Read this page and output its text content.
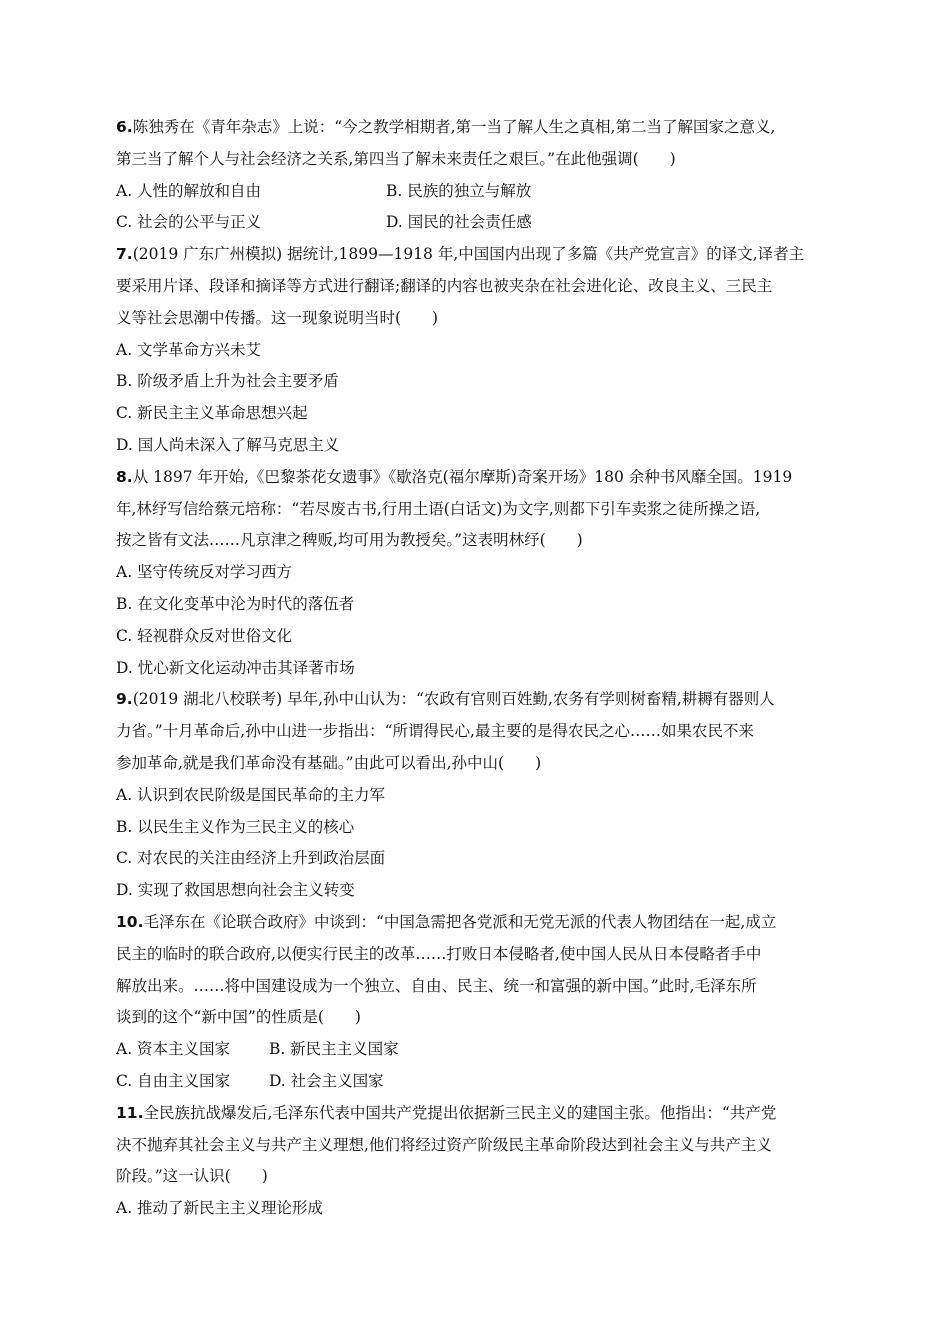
6.陈独秀在《青年杂志》上说：“今之教学相期者,第一当了解人生之真相,第二当了解国家之意义,
第三当了解个人与社会经济之关系,第四当了解未来责任之艰巨。”在此他强调(　　)
A. 人性的解放和自由	B. 民族的独立与解放
C. 社会的公平与正义	D. 国民的社会责任感
7.(2019 广东广州模拟) 据统计,1899—1918 年,中国国内出现了多篇《共产党宣言》的译文,译者主
要采用片译、段译和摘译等方式进行翻译;翻译的内容也被夹杂在社会进化论、改良主义、三民主
义等社会思潮中传播。这一现象说明当时(　　)
A. 文学革命方兴未艾
B. 阶级矛盾上升为社会主要矛盾
C. 新民主主义革命思想兴起
D. 国人尚未深入了解马克思主义
8.从 1897 年开始,《巴黎茶花女遗事》《歇洛克(福尔摩斯)奇案开场》180 余种书风靡全国。1919
年,林纾写信给蔡元培称：“若尽废古书,行用土语(白话文)为文字,则都下引车卖浆之徒所操之语,
按之皆有文法……凡京津之稗贩,均可用为教授矣。”这表明林纾(　　)
A. 坚守传统反对学习西方
B. 在文化变革中沦为时代的落伍者
C. 轻视群众反对世俗文化
D. 忧心新文化运动冲击其译著市场
9.(2019 湖北八校联考) 早年,孙中山认为：“农政有官则百姓勤,农务有学则树畜精,耕耨有器则人
力省。”十月革命后,孙中山进一步指出：“所谓得民心,最主要的是得农民之心……如果农民不来
参加革命,就是我们革命没有基础。”由此可以看出,孙中山(　　)
A. 认识到农民阶级是国民革命的主力军
B. 以民生主义作为三民主义的核心
C. 对农民的关注由经济上升到政治层面
D. 实现了救国思想向社会主义转变
10.毛泽东在《论联合政府》中谈到：“中国急需把各党派和无党无派的代表人物团结在一起,成立
民主的临时的联合政府,以便实行民主的改革……打败日本侵略者,使中国人民从日本侵略者手中
解放出来。……将中国建设成为一个独立、自由、民主、统一和富强的新中国。”此时,毛泽东所
谈到的这个“新中国”的性质是(　　)
A. 资本主义国家	B. 新民主主义国家
C. 自由主义国家	D. 社会主义国家
11.全民族抗战爆发后,毛泽东代表中国共产党提出依据新三民主义的建国主张。他指出：“共产党
决不抛弃其社会主义与共产主义理想,他们将经过资产阶级民主革命阶段达到社会主义与共产主义
阶段。”这一认识(　　)
A. 推动了新民主主义理论形成
